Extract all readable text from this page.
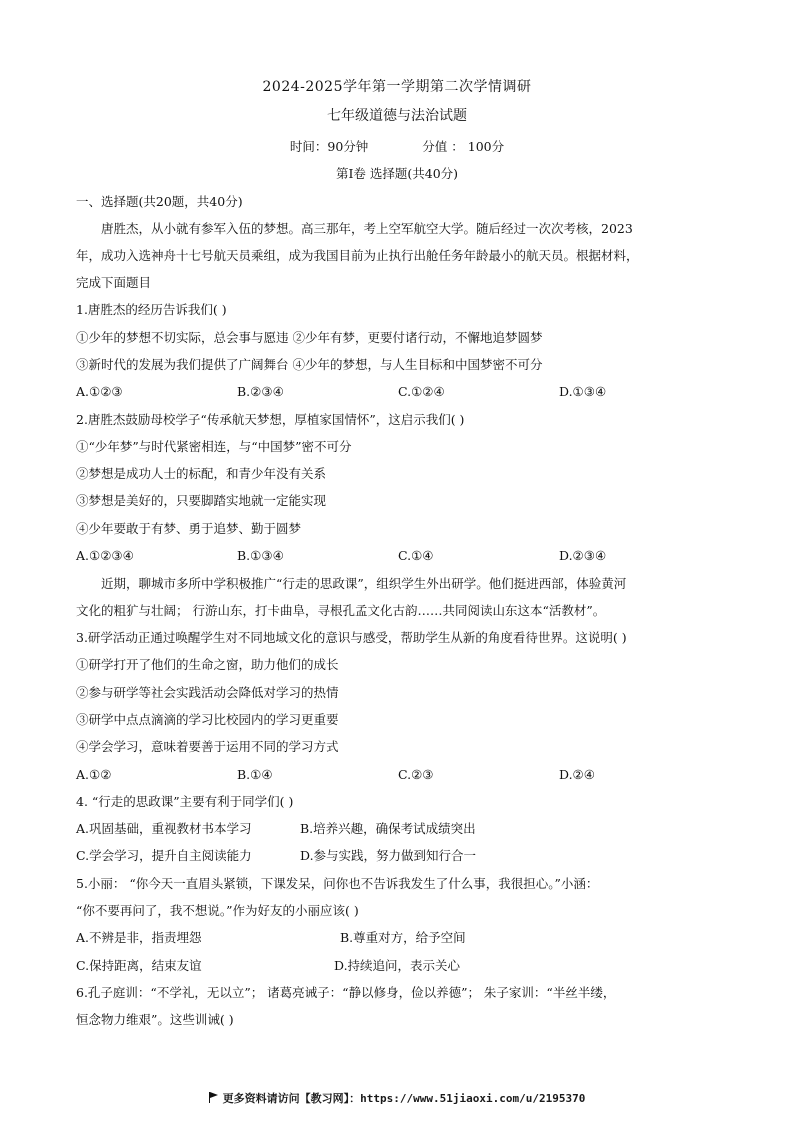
2024-2025学年第一学期第二次学情调研
七年级道德与法治试题
时间：90分钟	分值 ： 100分
第Ⅰ卷 选择题(共40分)
一、选择题(共20题，共40分)
唐胜杰，从小就有参军入伍的梦想。高三那年，考上空军航空大学。随后经过一次次考核，2023
年，成功入选神舟十七号航天员乘组，成为我国目前为止执行出舱任务年龄最小的航天员。根据材料，
完成下面题目
1.唐胜杰的经历告诉我们( )
①少年的梦想不切实际，总会事与愿违 ②少年有梦，更要付诸行动，不懈地追梦圆梦
③新时代的发展为我们提供了广阔舞台 ④少年的梦想，与人生目标和中国梦密不可分
A.①②③	B.②③④	C.①②④	D.①③④
2.唐胜杰鼓励母校学子“传承航天梦想，厚植家国情怀”，这启示我们( )
①“少年梦”与时代紧密相连，与“中国梦”密不可分
②梦想是成功人士的标配，和青少年没有关系
③梦想是美好的，只要脚踏实地就一定能实现
④少年要敢于有梦、勇于追梦、勤于圆梦
A.①②③④	B.①③④	C.①④	D.②③④
近期，聊城市多所中学积极推广“行走的思政课”，组织学生外出研学。他们挺进西部，体验黄河
文化的粗犷与壮阔； 行游山东，打卡曲阜，寻根孔孟文化古韵……共同阅读山东这本“活教材”。
3.研学活动正通过唤醒学生对不同地域文化的意识与感受，帮助学生从新的角度看待世界。这说明( )
①研学打开了他们的生命之窗，助力他们的成长
②参与研学等社会实践活动会降低对学习的热情
③研学中点点滴滴的学习比校园内的学习更重要
④学会学习，意味着要善于运用不同的学习方式
A.①②	B.①④	C.②③	D.②④
4. “行走的思政课”主要有利于同学们( )
A.巩固基础，重视教材书本学习	B.培养兴趣，确保考试成绩突出
C.学会学习，提升自主阅读能力	D.参与实践，努力做到知行合一
5.小丽： “你今天一直眉头紧锁，下课发呆，问你也不告诉我发生了什么事，我很担心。”小涵：
“你不要再问了，我不想说。”作为好友的小丽应该( )
A.不辨是非，指责埋怨	B.尊重对方，给予空间
C.保持距离，结束友谊	D.持续追问，表示关心
6.孔子庭训：“不学礼，无以立”； 诸葛亮诫子：“静以修身，俭以养德”； 朱子家训：“半丝半缕，
恒念物力维艰”。这些训诫( )
更多资料请访问【教习网】：https://www.51jiaoxi.com/u/2195370
